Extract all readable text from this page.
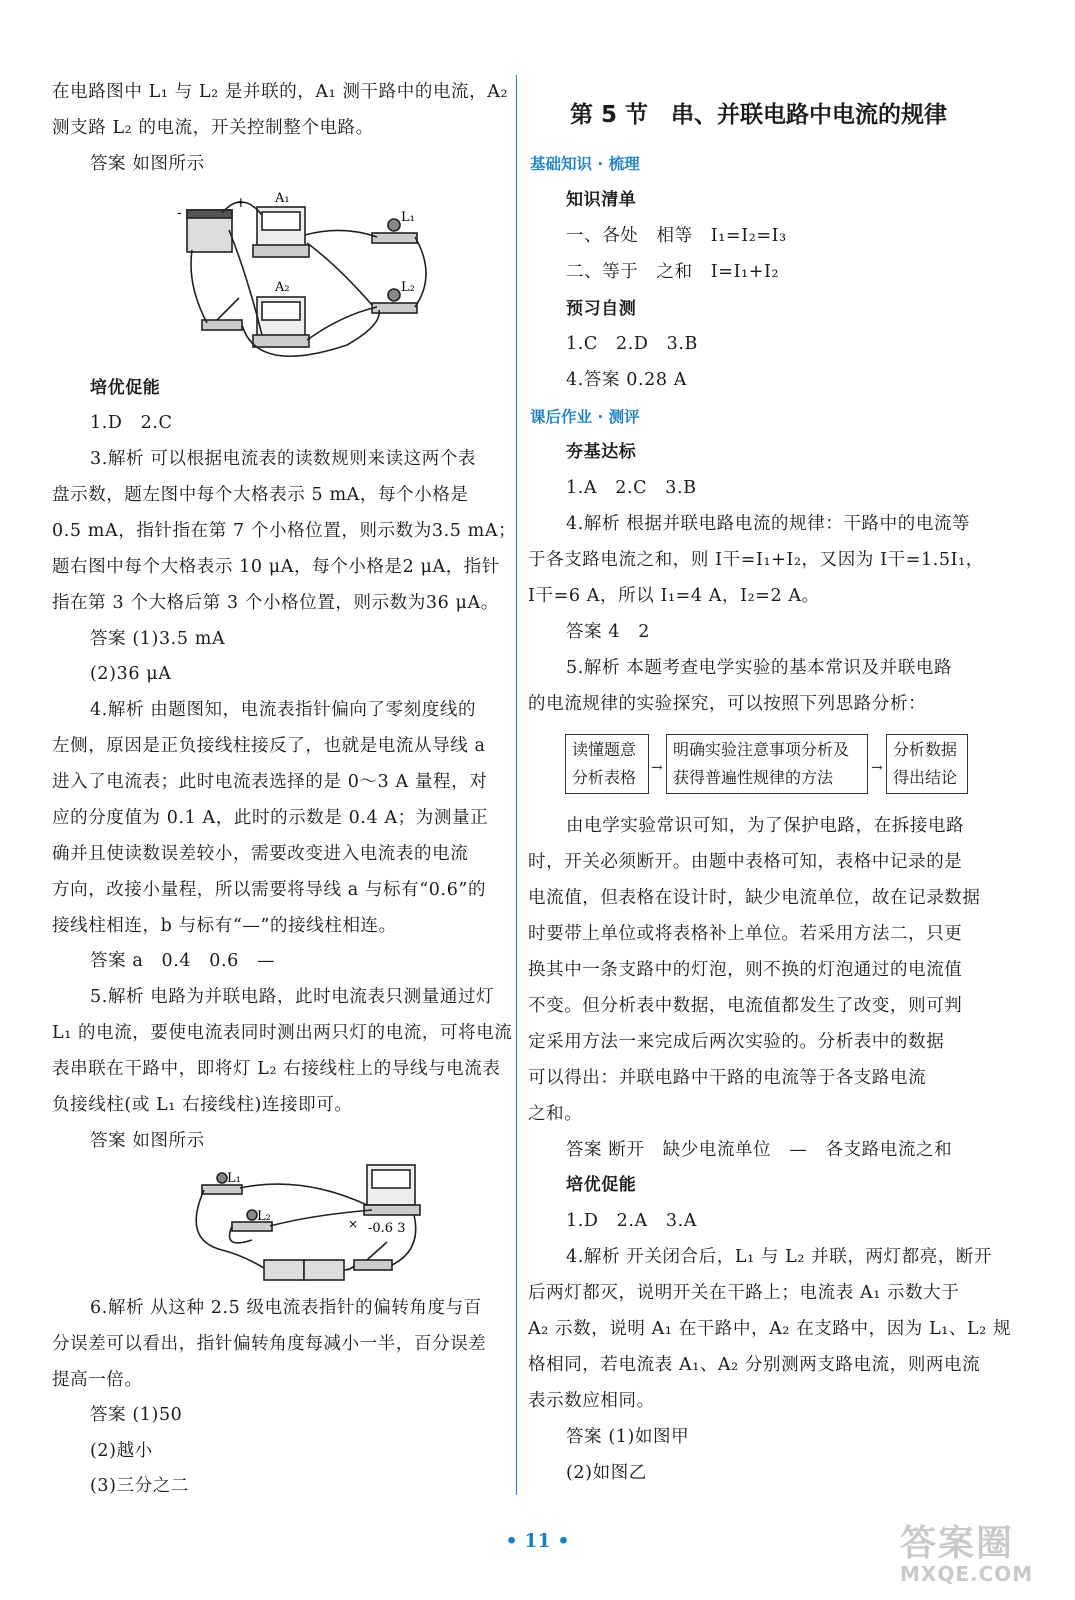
在电路图中 L₁ 与 L₂ 是并联的，A₁ 测干路中的电流，A₂
测支路 L₂ 的电流，开关控制整个电路。
答案 如图所示
A₁
A₂
L₁
L₂
-
+
培优促能
1.D　2.C
3.解析 可以根据电流表的读数规则来读这两个表
盘示数，题左图中每个大格表示 5 mA，每个小格是
0.5 mA，指针指在第 7 个小格位置，则示数为3.5 mA；
题右图中每个大格表示 10 μA，每个小格是2 μA，指针
指在第 3 个大格后第 3 个小格位置，则示数为36 μA。
答案 (1)3.5 mA
(2)36 μA
4.解析 由题图知，电流表指针偏向了零刻度线的
左侧，原因是正负接线柱接反了，也就是电流从导线 a
进入了电流表；此时电流表选择的是 0～3 A 量程，对
应的分度值为 0.1 A，此时的示数是 0.4 A；为测量正
确并且使读数误差较小，需要改变进入电流表的电流
方向，改接小量程，所以需要将导线 a 与标有“0.6”的
接线柱相连，b 与标有“—”的接线柱相连。
答案 a　0.4　0.6　—
5.解析 电路为并联电路，此时电流表只测量通过灯
L₁ 的电流，要使电流表同时测出两只灯的电流，可将电流
表串联在干路中，即将灯 L₂ 右接线柱上的导线与电流表
负接线柱(或 L₁ 右接线柱)连接即可。
答案 如图所示
L₁
L₂
-0.6 3
×
6.解析 从这种 2.5 级电流表指针的偏转角度与百
分误差可以看出，指针偏转角度每减小一半，百分误差
提高一倍。
答案 (1)50
(2)越小
(3)三分之二
第 5 节　串、并联电路中电流的规律
基础知识 · 梳理
知识清单
一、各处　相等　I₁=I₂=I₃
二、等于　之和　I=I₁+I₂
预习自测
1.C　2.D　3.B
4.答案 0.28 A
课后作业 · 测评
夯基达标
1.A　2.C　3.B
4.解析 根据并联电路电流的规律：干路中的电流等
于各支路电流之和，则 I干=I₁+I₂，又因为 I干=1.5I₁，
I干=6 A，所以 I₁=4 A，I₂=2 A。
答案 4　2
5.解析 本题考查电学实验的基本常识及并联电路
的电流规律的实验探究，可以按照下列思路分析：
读懂题意
分析表格	→
明确实验注意事项分析及
获得普遍性规律的方法	→
分析数据
得出结论
由电学实验常识可知，为了保护电路，在拆接电路
时，开关必须断开。由题中表格可知，表格中记录的是
电流值，但表格在设计时，缺少电流单位，故在记录数据
时要带上单位或将表格补上单位。若采用方法二，只更
换其中一条支路中的灯泡，则不换的灯泡通过的电流值
不变。但分析表中数据，电流值都发生了改变，则可判
定采用方法一来完成后两次实验的。分析表中的数据
可以得出：并联电路中干路的电流等于各支路电流
之和。
答案 断开　缺少电流单位　—　各支路电流之和
培优促能
1.D　2.A　3.A
4.解析 开关闭合后，L₁ 与 L₂ 并联，两灯都亮，断开
后两灯都灭，说明开关在干路上；电流表 A₁ 示数大于
A₂ 示数，说明 A₁ 在干路中，A₂ 在支路中，因为 L₁、L₂ 规
格相同，若电流表 A₁、A₂ 分别测两支路电流，则两电流
表示数应相同。
答案 (1)如图甲
(2)如图乙
• 11 •	答案圈
MXQE.COM
